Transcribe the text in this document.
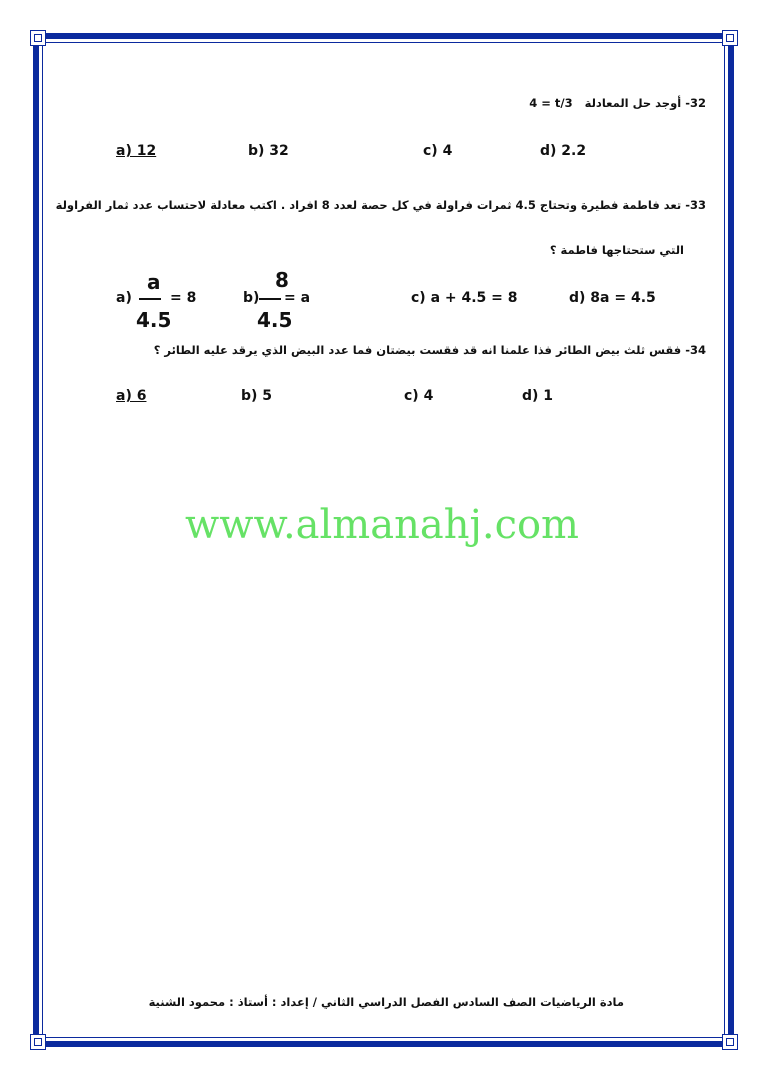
32- أوجد حل المعادلة   4 = t/3
a) 12	b) 32	c) 4	d) 2.2
33- تعد فاطمة فطيرة وتحتاج 4.5 ثمرات فراولة في كل حصة لعدد 8 افراد . اكتب معادلة لاحتساب عدد ثمار الفراولة
التي ستحتاجها فاطمة ؟
a)
a
4.5
= 8	b)
8
4.5
= a	c) a + 4.5 = 8	d) 8a = 4.5
34- فقس ثلث بيض الطائر فذا علمنا انه قد فقست بيضتان فما عدد البيض الذي يرقد عليه الطائر ؟
a) 6	b) 5	c) 4	d) 1
www.almanahj.com
مادة الرياضيات الصف السادس الفصل الدراسي الثاني / إعداد : أستاذ : محمود الشنية
